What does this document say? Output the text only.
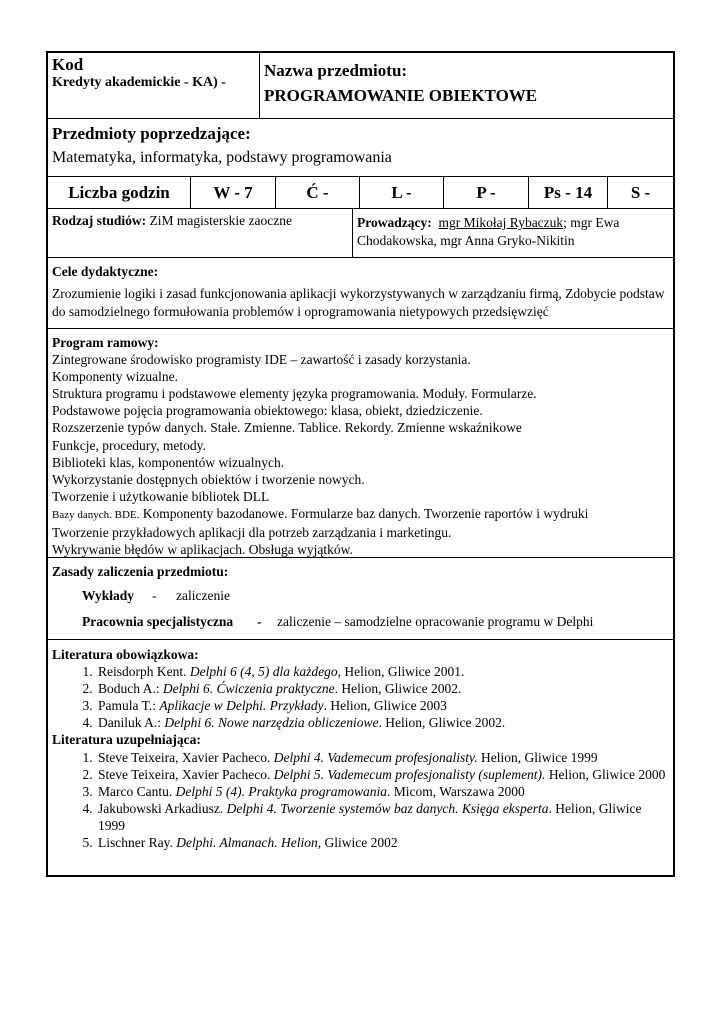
Kod
Kredyty akademickie - KA) -
Nazwa przedmiotu:
PROGRAMOWANIE OBIEKTOWE
Przedmioty poprzedzające:
Matematyka, informatyka, podstawy programowania
Liczba godzin	W - 7	Ć -	L -	P -	Ps - 14	S -
Rodzaj studiów: ZiM magisterskie zaoczne	Prowadzący: mgr Mikołaj Rybaczuk; mgr Ewa Chodakowska, mgr Anna Gryko-Nikitin
Cele dydaktyczne:
Zrozumienie logiki i zasad funkcjonowania aplikacji wykorzystywanych w zarządzaniu firmą, Zdobycie podstaw do samodzielnego formułowania problemów i oprogramowania nietypowych przedsięwzięć
Program ramowy:
Zintegrowane środowisko programisty IDE – zawartość i zasady korzystania.
Komponenty wizualne.
Struktura programu i podstawowe elementy języka programowania. Moduły. Formularze.
Podstawowe pojęcia programowania obiektowego: klasa, obiekt, dziedziczenie.
Rozszerzenie typów danych. Stałe. Zmienne. Tablice. Rekordy. Zmienne wskaźnikowe
Funkcje, procedury, metody.
Biblioteki klas, komponentów wizualnych.
Wykorzystanie dostępnych obiektów i tworzenie nowych.
Tworzenie i użytkowanie bibliotek DLL
Bazy danych. BDE. Komponenty bazodanowe. Formularze baz danych. Tworzenie raportów i wydruki
Tworzenie przykładowych aplikacji dla potrzeb zarządzania i marketingu.
Wykrywanie błędów w aplikacjach. Obsługa wyjątków.
Zasady zaliczenia przedmiotu:
Wykłady - zaliczenie
Pracownia specjalistyczna - zaliczenie – samodzielne opracowanie programu w Delphi
Literatura obowiązkowa:
1. Reisdorph Kent. Delphi 6 (4, 5) dla każdego, Helion, Gliwice 2001.
2. Boduch A.: Delphi 6. Ćwiczenia praktyczne. Helion, Gliwice 2002.
3. Pamula T.: Aplikacje w Delphi. Przykłady. Helion, Gliwice 2003
4. Daniluk A.: Delphi 6. Nowe narzędzia obliczeniowe. Helion, Gliwice 2002.
Literatura uzupełniająca:
1. Steve Teixeira, Xavier Pacheco. Delphi 4. Vademecum profesjonalisty. Helion, Gliwice 1999
2. Steve Teixeira, Xavier Pacheco. Delphi 5. Vademecum profesjonalisty (suplement). Helion, Gliwice 2000
3. Marco Cantu. Delphi 5 (4). Praktyka programowania. Micom, Warszawa 2000
4. Jakubowski Arkadiusz. Delphi 4. Tworzenie systemów baz danych. Księga eksperta. Helion, Gliwice 1999
5. Lischner Ray. Delphi. Almanach. Helion, Gliwice 2002
